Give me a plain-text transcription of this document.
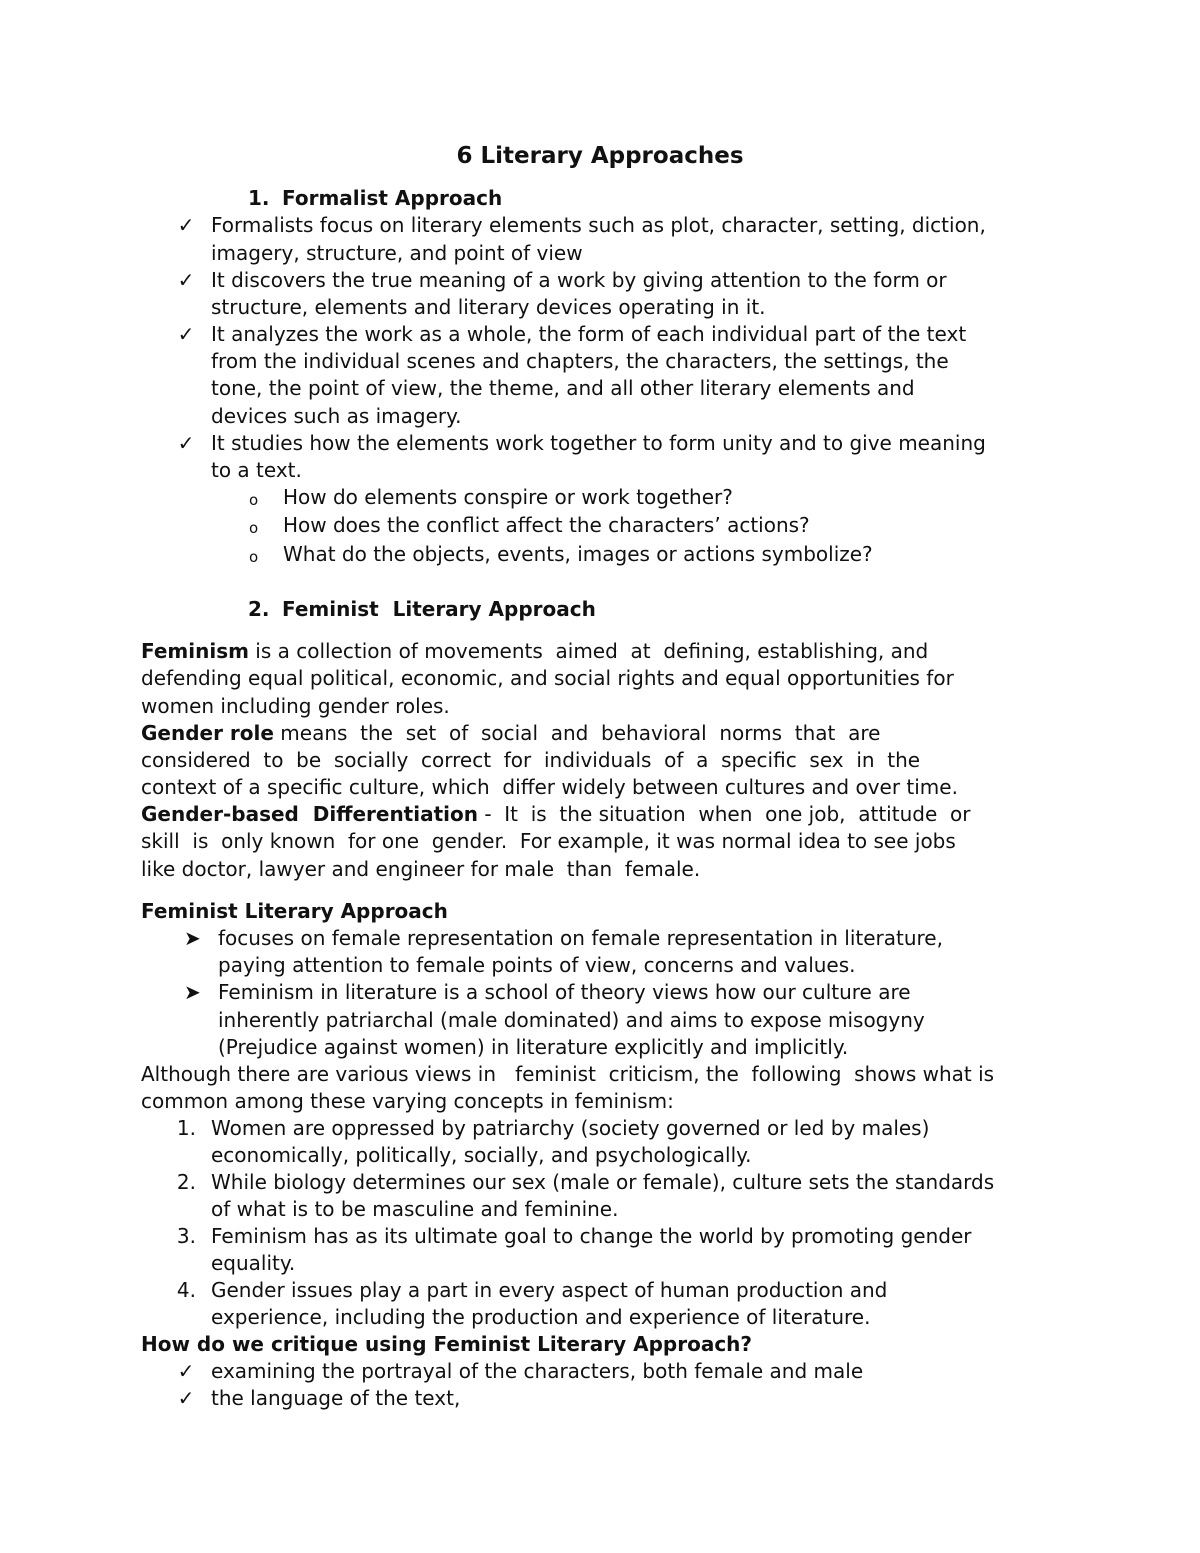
6 Literary Approaches
1. Formalist Approach
✓ Formalists focus on literary elements such as plot, character, setting, diction,
imagery, structure, and point of view
✓ It discovers the true meaning of a work by giving attention to the form or
structure, elements and literary devices operating in it.
✓ It analyzes the work as a whole, the form of each individual part of the text
from the individual scenes and chapters, the characters, the settings, the
tone, the point of view, the theme, and all other literary elements and
devices such as imagery.
✓ It studies how the elements work together to form unity and to give meaning
to a text.
o How do elements conspire or work together?
o How does the conflict affect the characters’ actions?
o What do the objects, events, images or actions symbolize?
2. Feminist  Literary Approach
Feminism is a collection of movements  aimed  at  defining, establishing, and
defending equal political, economic, and social rights and equal opportunities for
women including gender roles.
Gender role means  the  set  of  social  and  behavioral  norms  that  are
considered  to  be  socially  correct  for  individuals  of  a  specific  sex  in  the
context of a specific culture, which  differ widely between cultures and over time.
Gender-based  Differentiation -  It  is  the situation  when  one job,  attitude  or
skill  is  only known  for one  gender.  For example, it was normal idea to see jobs
like doctor, lawyer and engineer for male  than  female.
Feminist Literary Approach
➤ focuses on female representation on female representation in literature,
paying attention to female points of view, concerns and values.
➤ Feminism in literature is a school of theory views how our culture are
inherently patriarchal (male dominated) and aims to expose misogyny
(Prejudice against women) in literature explicitly and implicitly.
Although there are various views in   feminist  criticism, the  following  shows what is
common among these varying concepts in feminism:
1. Women are oppressed by patriarchy (society governed or led by males)
economically, politically, socially, and psychologically.
2. While biology determines our sex (male or female), culture sets the standards
of what is to be masculine and feminine.
3. Feminism has as its ultimate goal to change the world by promoting gender
equality.
4. Gender issues play a part in every aspect of human production and
experience, including the production and experience of literature.
How do we critique using Feminist Literary Approach?
✓ examining the portrayal of the characters, both female and male
✓ the language of the text,
